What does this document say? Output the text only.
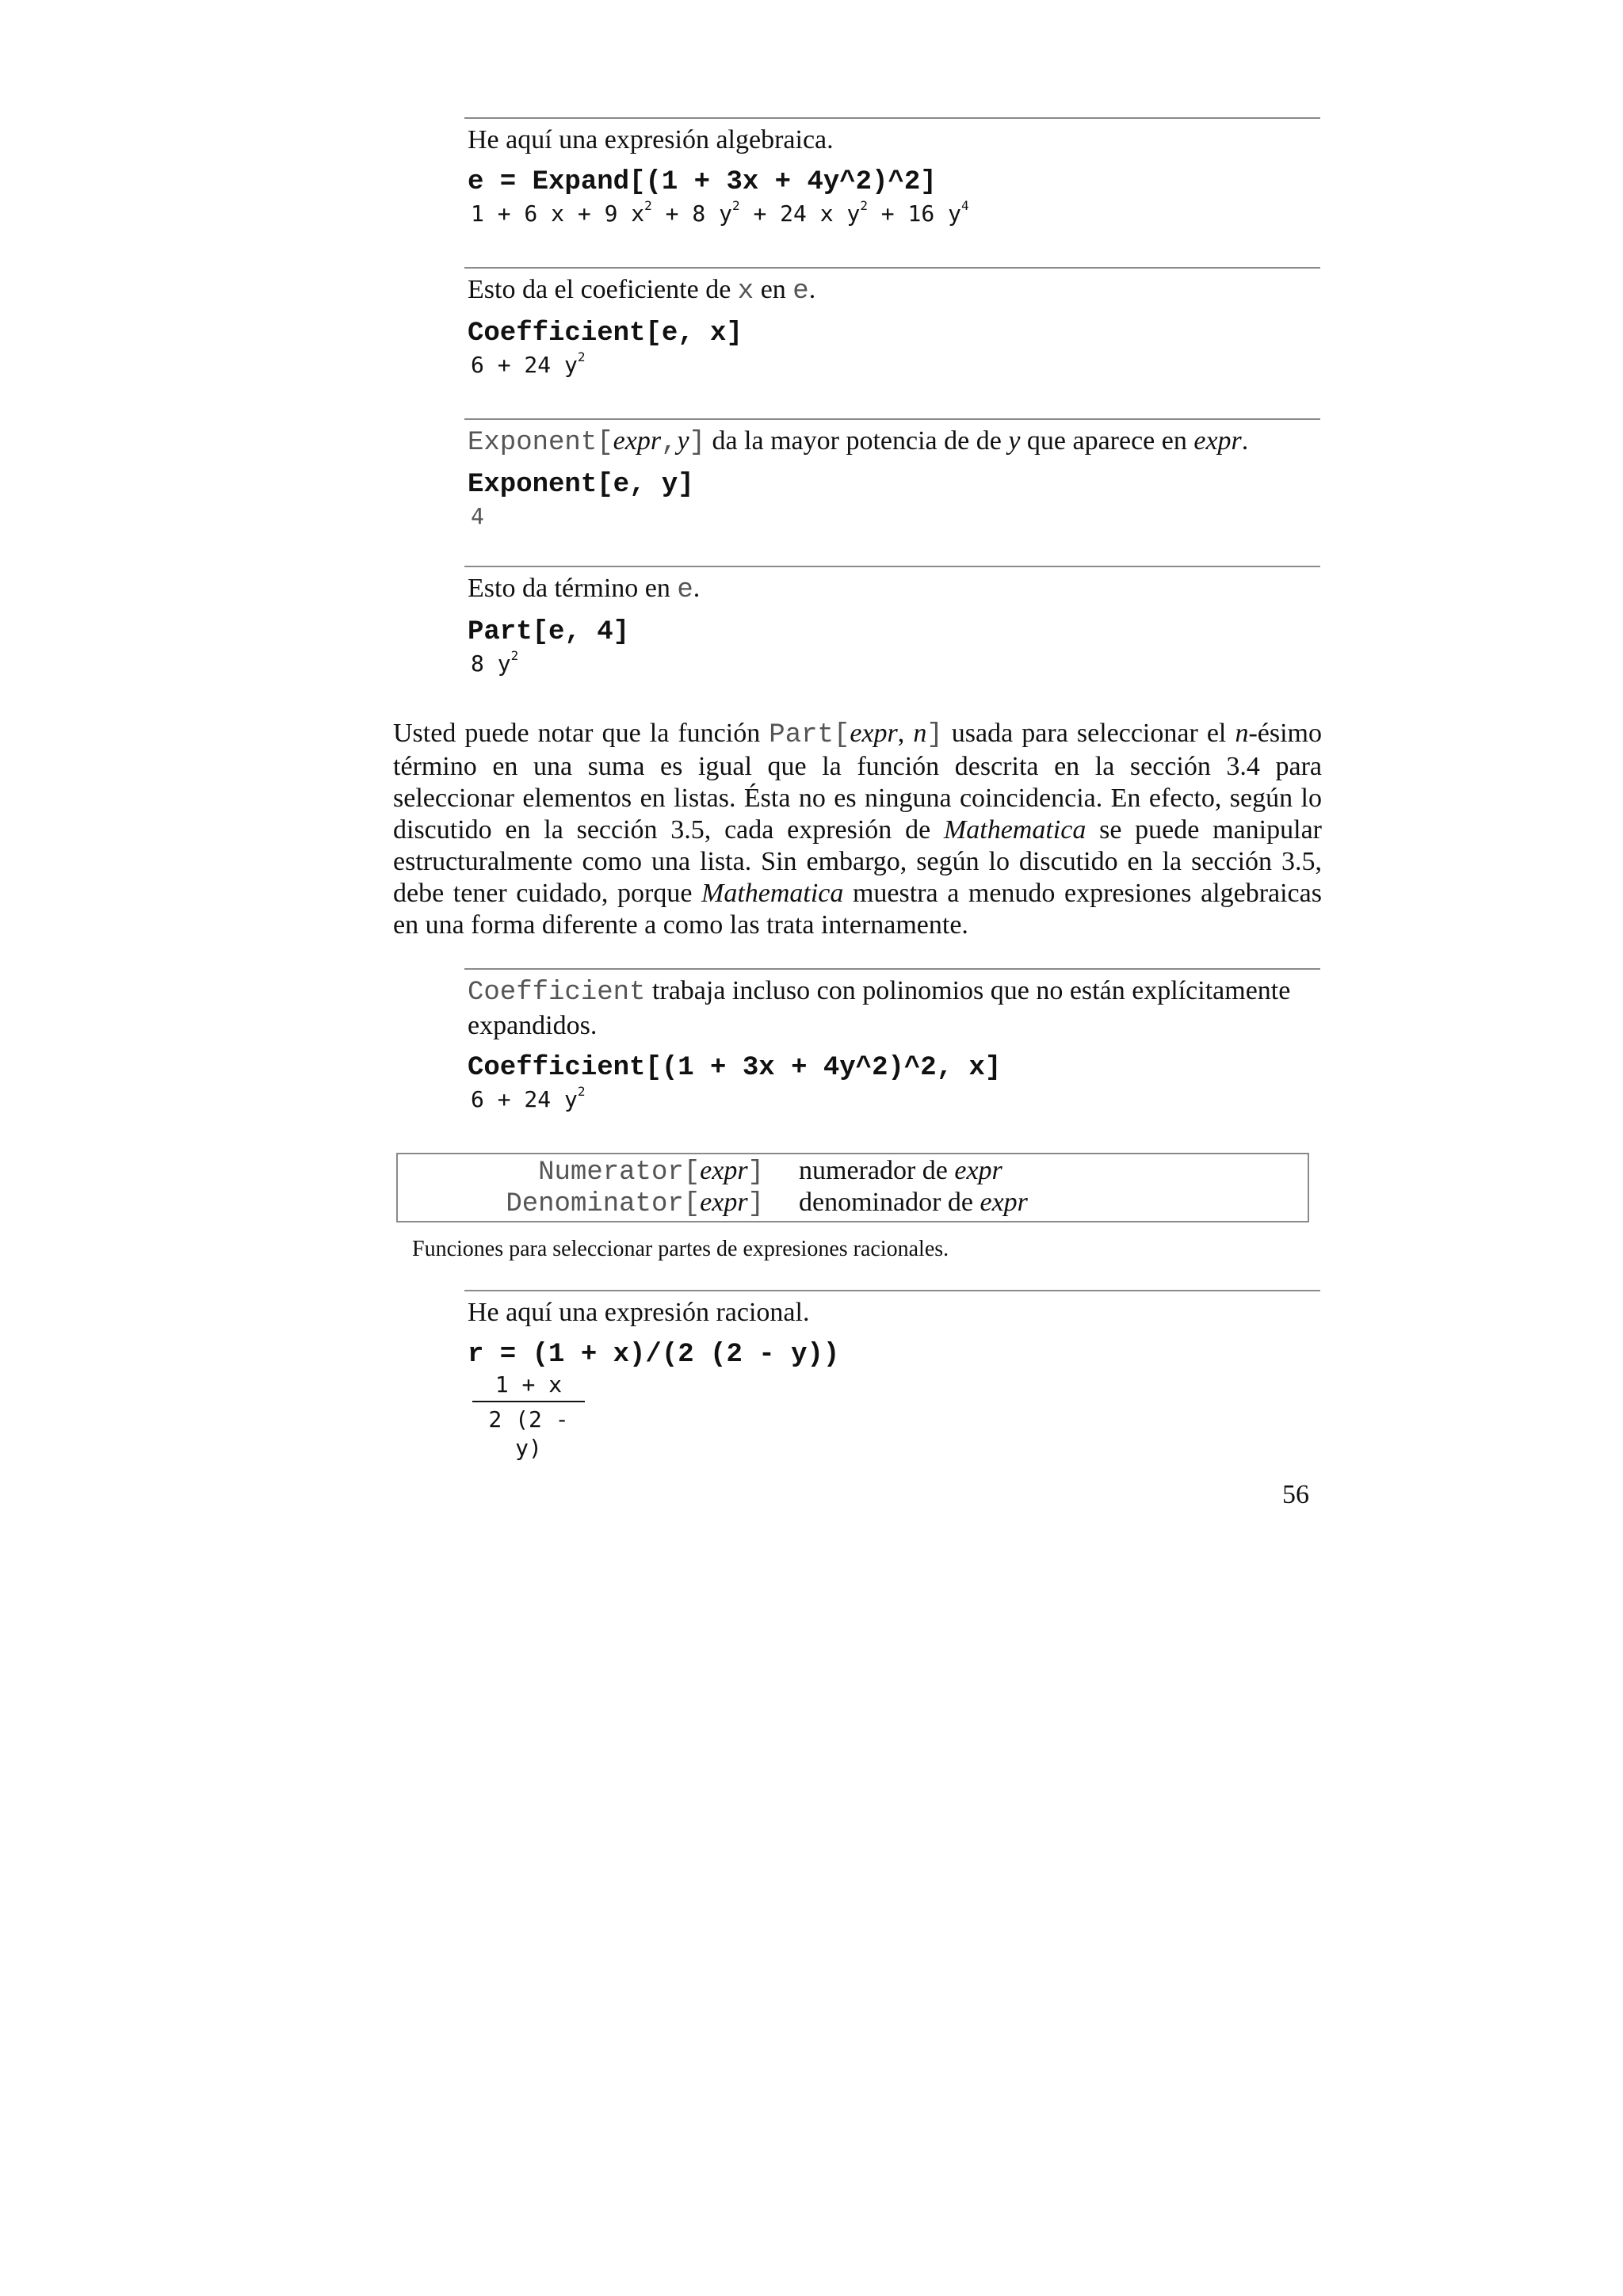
He aquí una expresión algebraica.
e = Expand[(1 + 3x + 4y^2)^2]
1 + 6 x + 9 $x^2 + 8$ $y^2 + 24$ x $y^2 + 16$ $y^4$
Esto da el coeficiente de x en e.
Coefficient[e, x]
6 + 24 $y^2$
Exponent[expr,y] da la mayor potencia de de y que aparece en expr.
Exponent[e, y]
4
Esto da término en e.
Part[e, 4]
8 $y^2$
Usted puede notar que la función Part[expr, n] usada para seleccionar el n-ésimo término en una suma es igual que la función descrita en la sección 3.4 para seleccionar elementos en listas. Ésta no es ninguna coincidencia. En efecto, según lo discutido en la sección 3.5, cada expresión de Mathematica se puede manipular estructuralmente como una lista. Sin embargo, según lo discutido en la sección 3.5, debe tener cuidado, porque Mathematica muestra a menudo expresiones algebraicas en una forma diferente a como las trata internamente.
Coefficient trabaja incluso con polinomios que no están explícitamente expandidos.
Coefficient[(1 + 3x + 4y^2)^2, x]
6 + 24 $y^2$
Numerator[expr] numerador de expr
Denominator[expr] denominador de expr
Funciones para seleccionar partes de expresiones racionales.
He aquí una expresión racional.
r = (1 + x)/(2 (2 - y))
1 + x
2 (2 - y)
56
